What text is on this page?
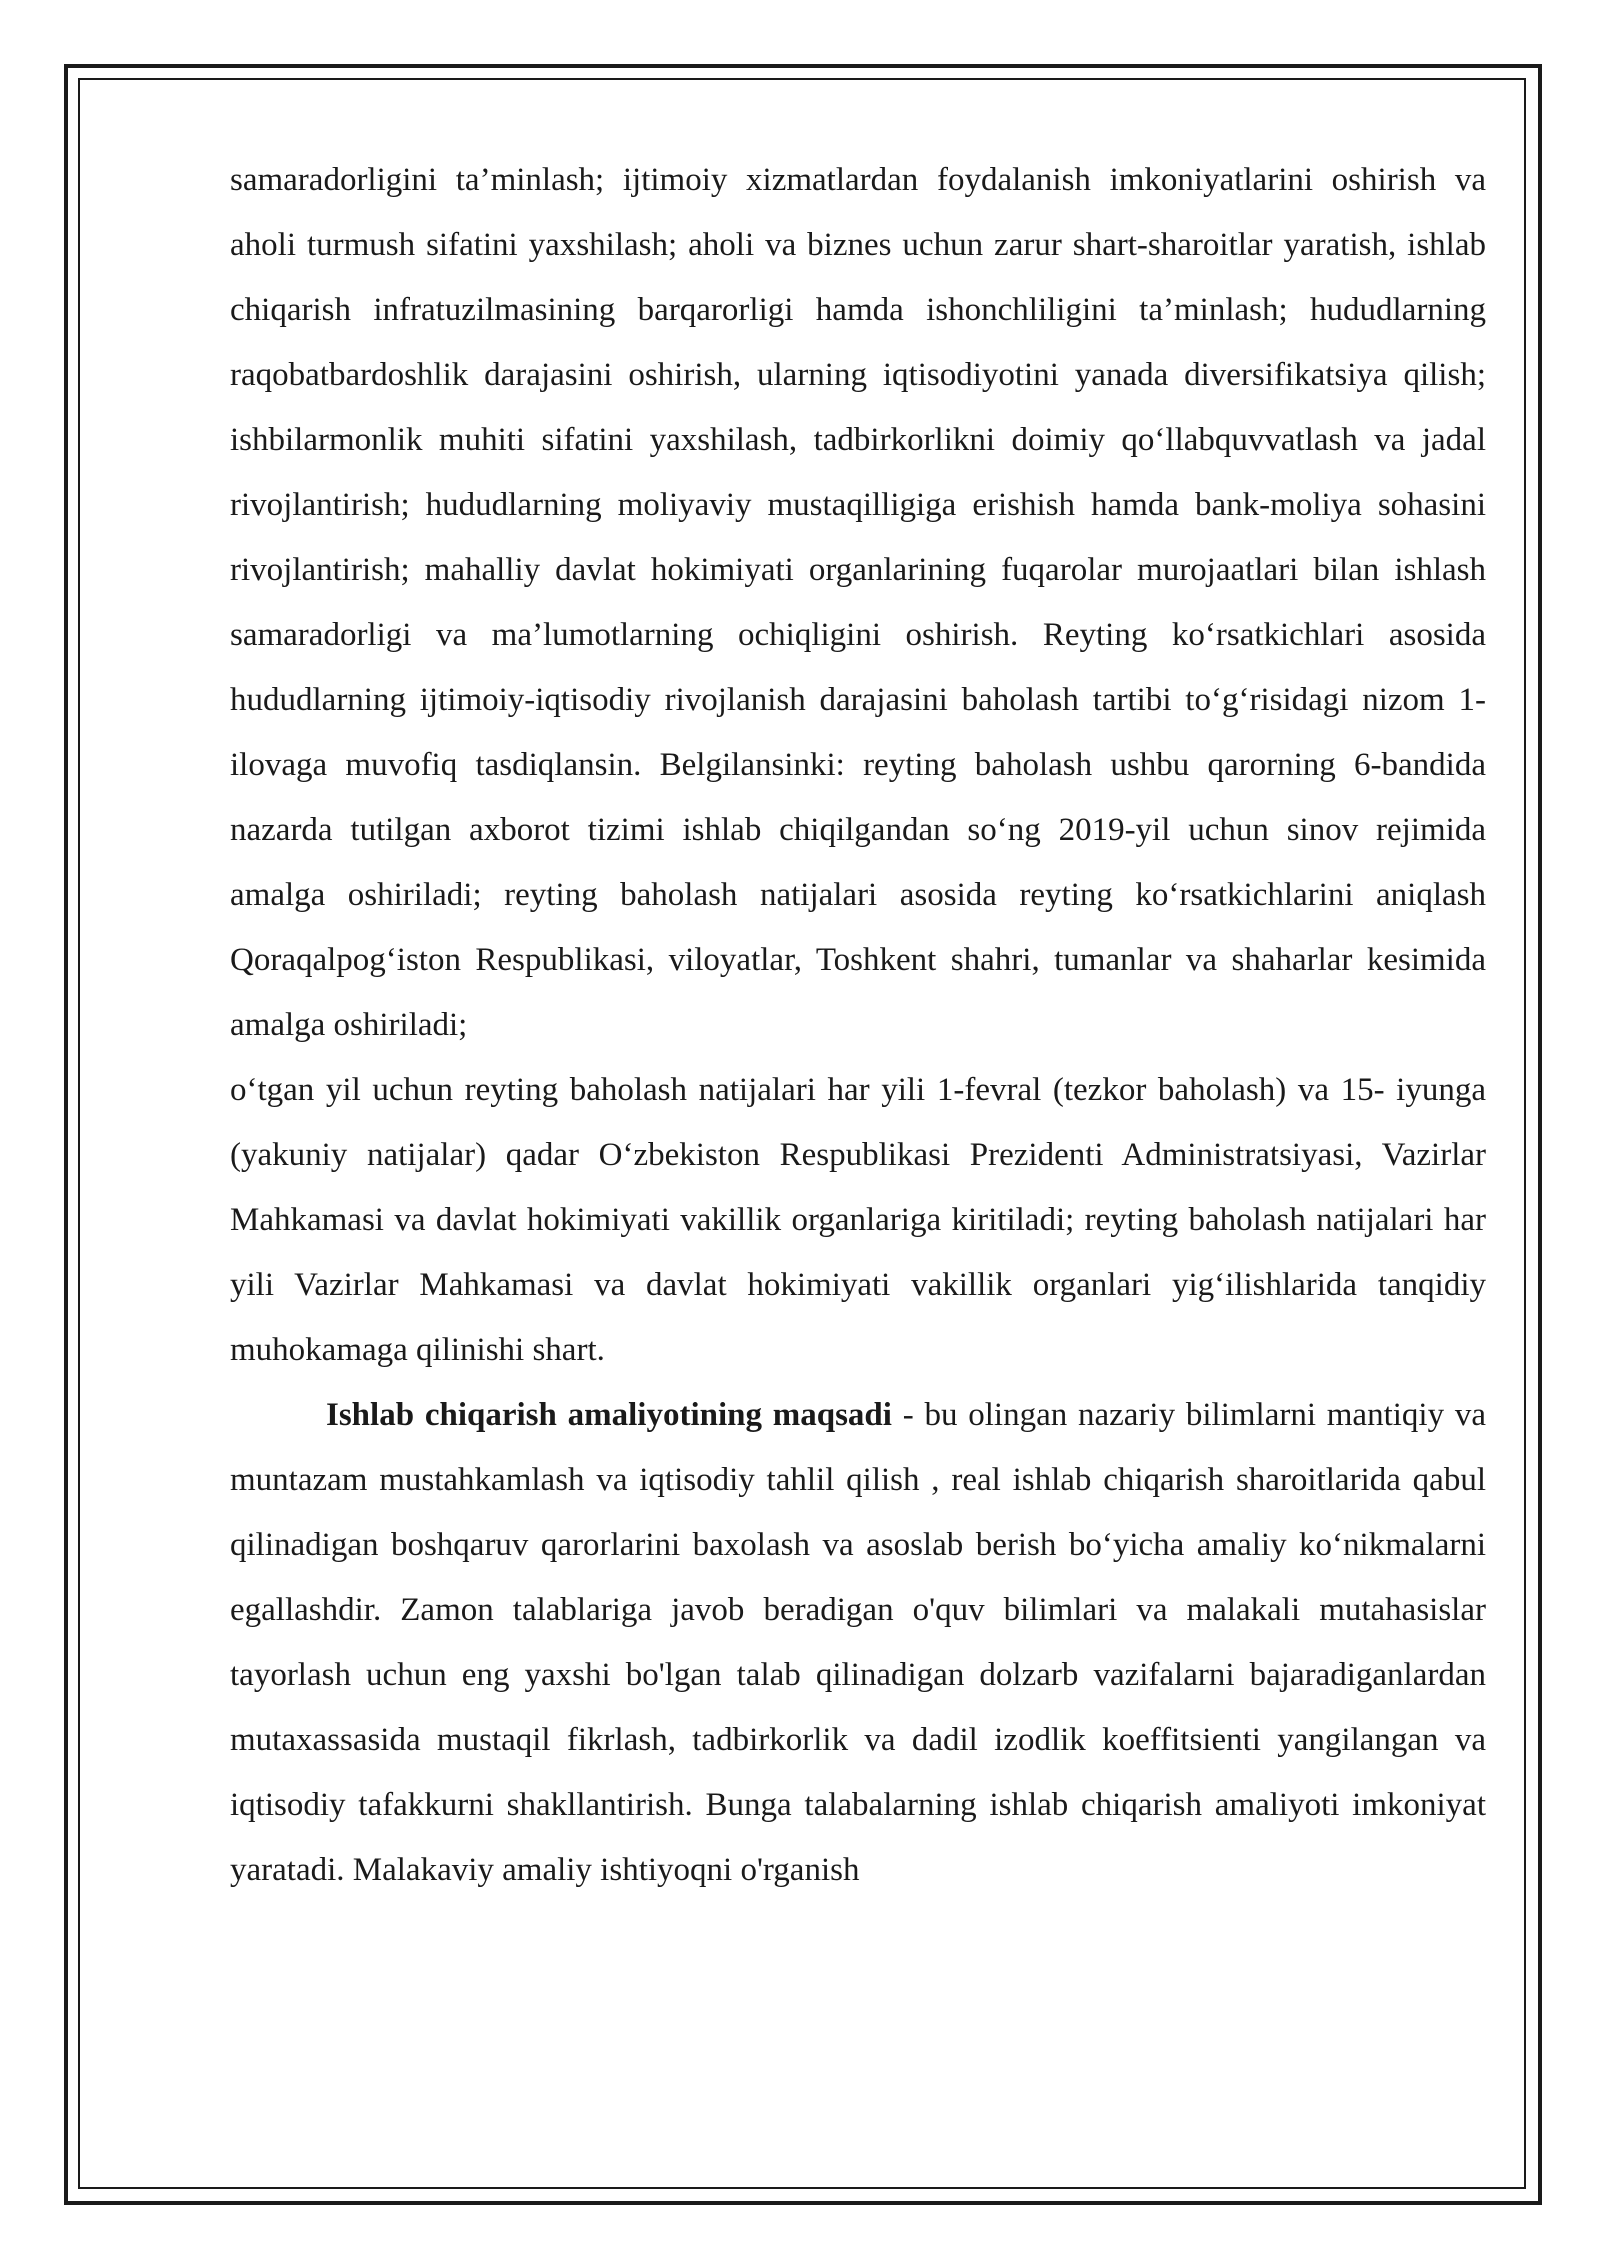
samaradorligini ta’minlash; ijtimoiy xizmatlardan foydalanish imkoniyatlarini oshirish va aholi turmush sifatini yaxshilash; aholi va biznes uchun zarur shart-sharoitlar yaratish, ishlab chiqarish infratuzilmasining barqarorligi hamda ishonchliligini ta’minlash; hududlarning raqobatbardoshlik darajasini oshirish, ularning iqtisodiyotini yanada diversifikatsiya qilish; ishbilarmonlik muhiti sifatini yaxshilash, tadbirkorlikni doimiy qo‘llabquvvatlash va jadal rivojlantirish; hududlarning moliyaviy mustaqilligiga erishish hamda bank-moliya sohasini rivojlantirish; mahalliy davlat hokimiyati organlarining fuqarolar murojaatlari bilan ishlash samaradorligi va ma’lumotlarning ochiqligini oshirish. Reyting ko‘rsatkichlari asosida hududlarning ijtimoiy-iqtisodiy rivojlanish darajasini baholash tartibi to‘g‘risidagi nizom 1-ilovaga muvofiq tasdiqlansin. Belgilansinki: reyting baholash ushbu qarorning 6-bandida nazarda tutilgan axborot tizimi ishlab chiqilgandan so‘ng 2019-yil uchun sinov rejimida amalga oshiriladi; reyting baholash natijalari asosida reyting ko‘rsatkichlarini aniqlash Qoraqalpog‘iston Respublikasi, viloyatlar, Toshkent shahri, tumanlar va shaharlar kesimida amalga oshiriladi;

o‘tgan yil uchun reyting baholash natijalari har yili 1-fevral (tezkor baholash) va 15- iyunga (yakuniy natijalar) qadar O‘zbekiston Respublikasi Prezidenti Administratsiyasi, Vazirlar Mahkamasi va davlat hokimiyati vakillik organlariga kiritiladi; reyting baholash natijalari har yili Vazirlar Mahkamasi va davlat hokimiyati vakillik organlari yig‘ilishlarida tanqidiy muhokamaga qilinishi shart.

Ishlab chiqarish amaliyotining maqsadi - bu olingan nazariy bilimlarni mantiqiy va muntazam mustahkamlash va iqtisodiy tahlil qilish , real ishlab chiqarish sharoitlarida qabul qilinadigan boshqaruv qarorlarini baxolash va asoslab berish bo‘yicha amaliy ko‘nikmalarni egallashdir. Zamon talablariga javob beradigan o'quv bilimlari va malakali mutahasislar tayorlash uchun eng yaxshi bo'lgan talab qilinadigan dolzarb vazifalarni bajaradiganlardan mutaxassasida mustaqil fikrlash, tadbirkorlik va dadil izodlik koeffitsienti yangilangan va iqtisodiy tafakkurni shakllantirish. Bunga talabalarning ishlab chiqarish amaliyoti imkoniyat yaratadi. Malakaviy amaliy ishtiyoqni o'rganish
